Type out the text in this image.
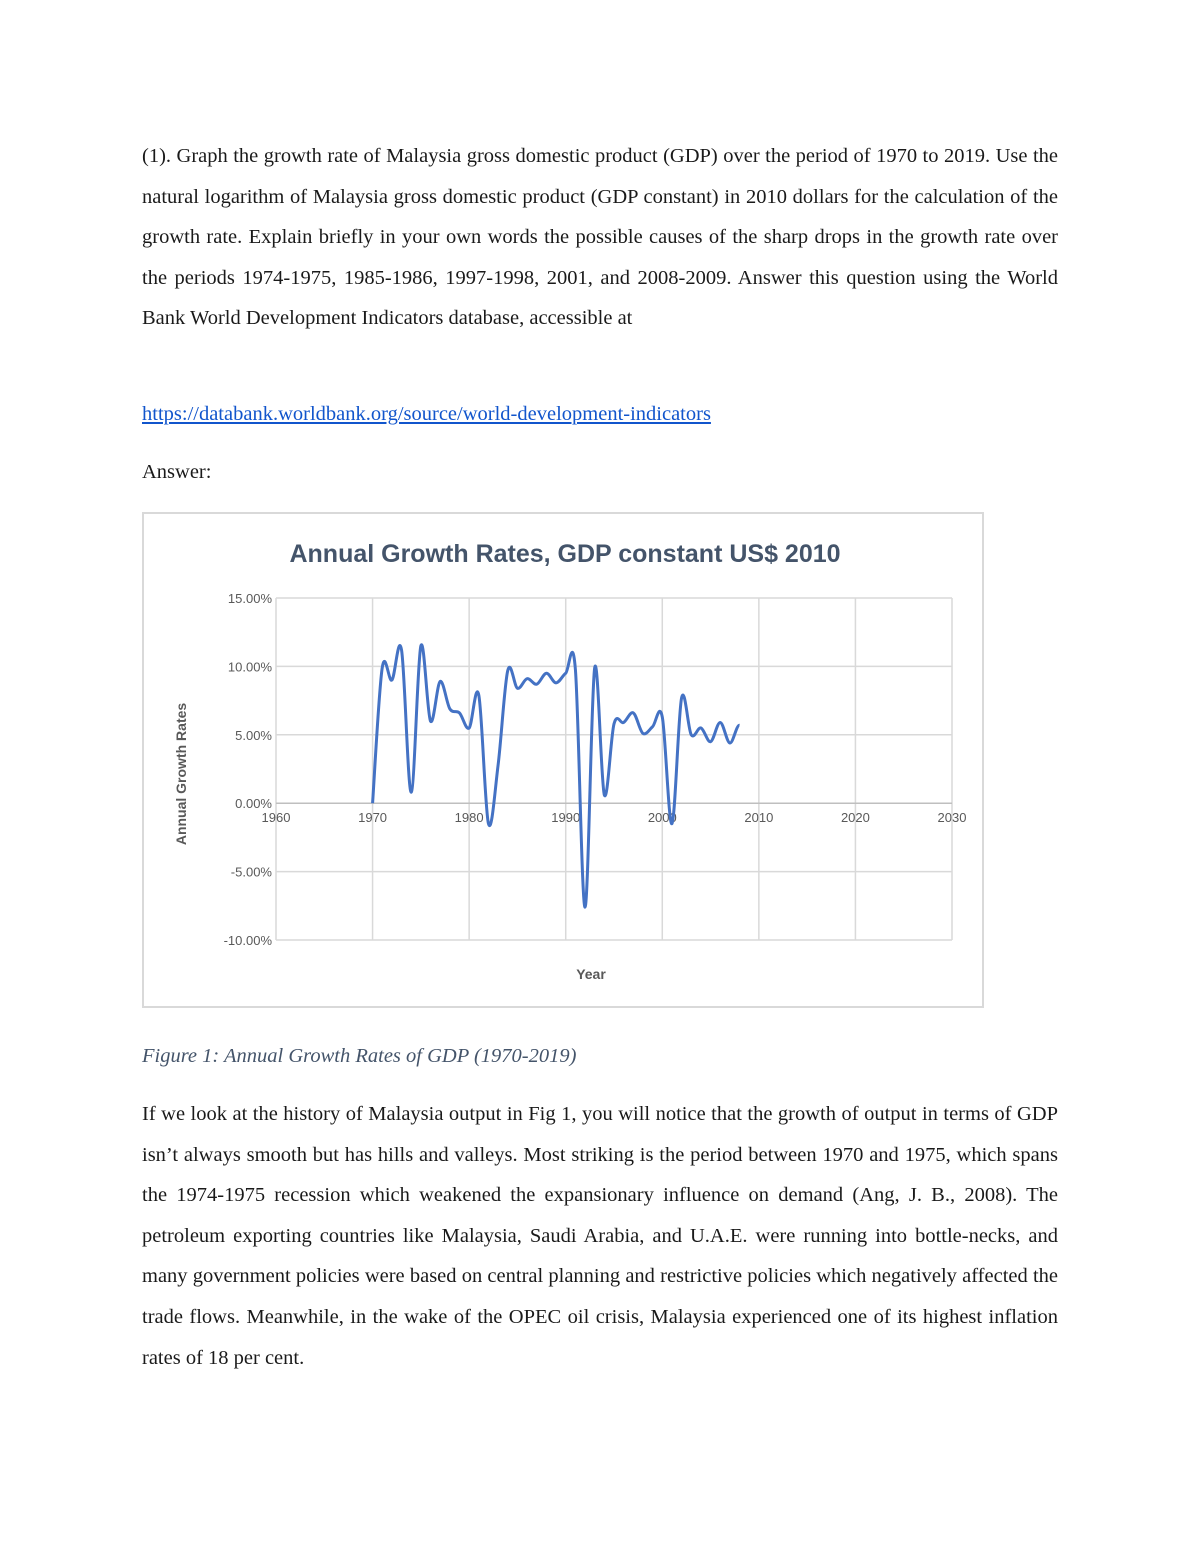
(1). Graph the growth rate of Malaysia gross domestic product (GDP) over the period of 1970 to 2019. Use the natural logarithm of Malaysia gross domestic product (GDP constant) in 2010 dollars for the calculation of the growth rate. Explain briefly in your own words the possible causes of the sharp drops in the growth rate over the periods 1974-1975, 1985-1986, 1997-1998, 2001, and 2008-2009. Answer this question using the World Bank World Development Indicators database, accessible at

https://databank.worldbank.org/source/world-development-indicators
Answer:
Annual Growth Rates, GDP constant US$ 2010
15.00%
10.00%
5.00%
0.00%
-5.00%
-10.00%
1960	1970	1980	1990	2000	2010	2020	2030
Year
Annual Growth Rates
Figure 1: Annual Growth Rates of GDP (1970-2019)

If we look at the history of Malaysia output in Fig 1, you will notice that the growth of output in terms of GDP isn’t always smooth but has hills and valleys. Most striking is the period between 1970 and 1975, which spans the 1974-1975 recession which weakened the expansionary influence on demand (Ang, J. B., 2008). The petroleum exporting countries like Malaysia, Saudi Arabia, and U.A.E. were running into bottle-necks, and many government policies were based on central planning and restrictive policies which negatively affected the trade flows. Meanwhile, in the wake of the OPEC oil crisis, Malaysia experienced one of its highest inflation rates of 18 per cent.
